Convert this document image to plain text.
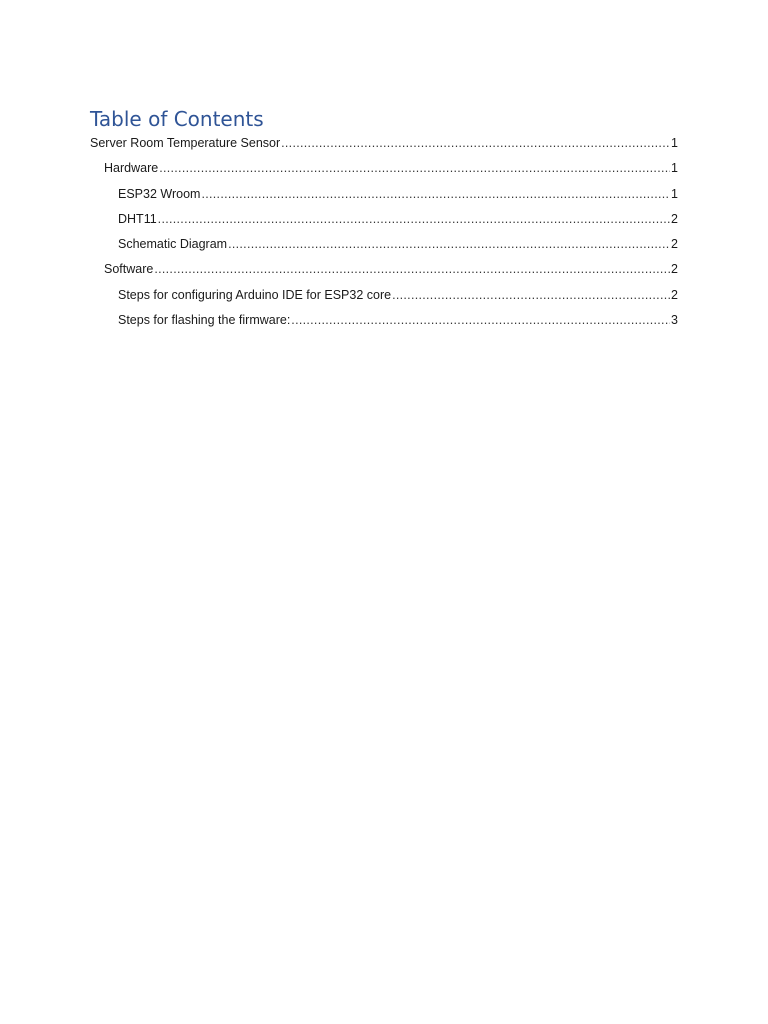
Table of Contents
Server Room Temperature Sensor .....	1
Hardware .....	1
ESP32 Wroom .....	1
DHT11 .....	2
Schematic Diagram .....	2
Software .....	2
Steps for configuring Arduino IDE for ESP32 core .....	2
Steps for flashing the firmware: .....	3
